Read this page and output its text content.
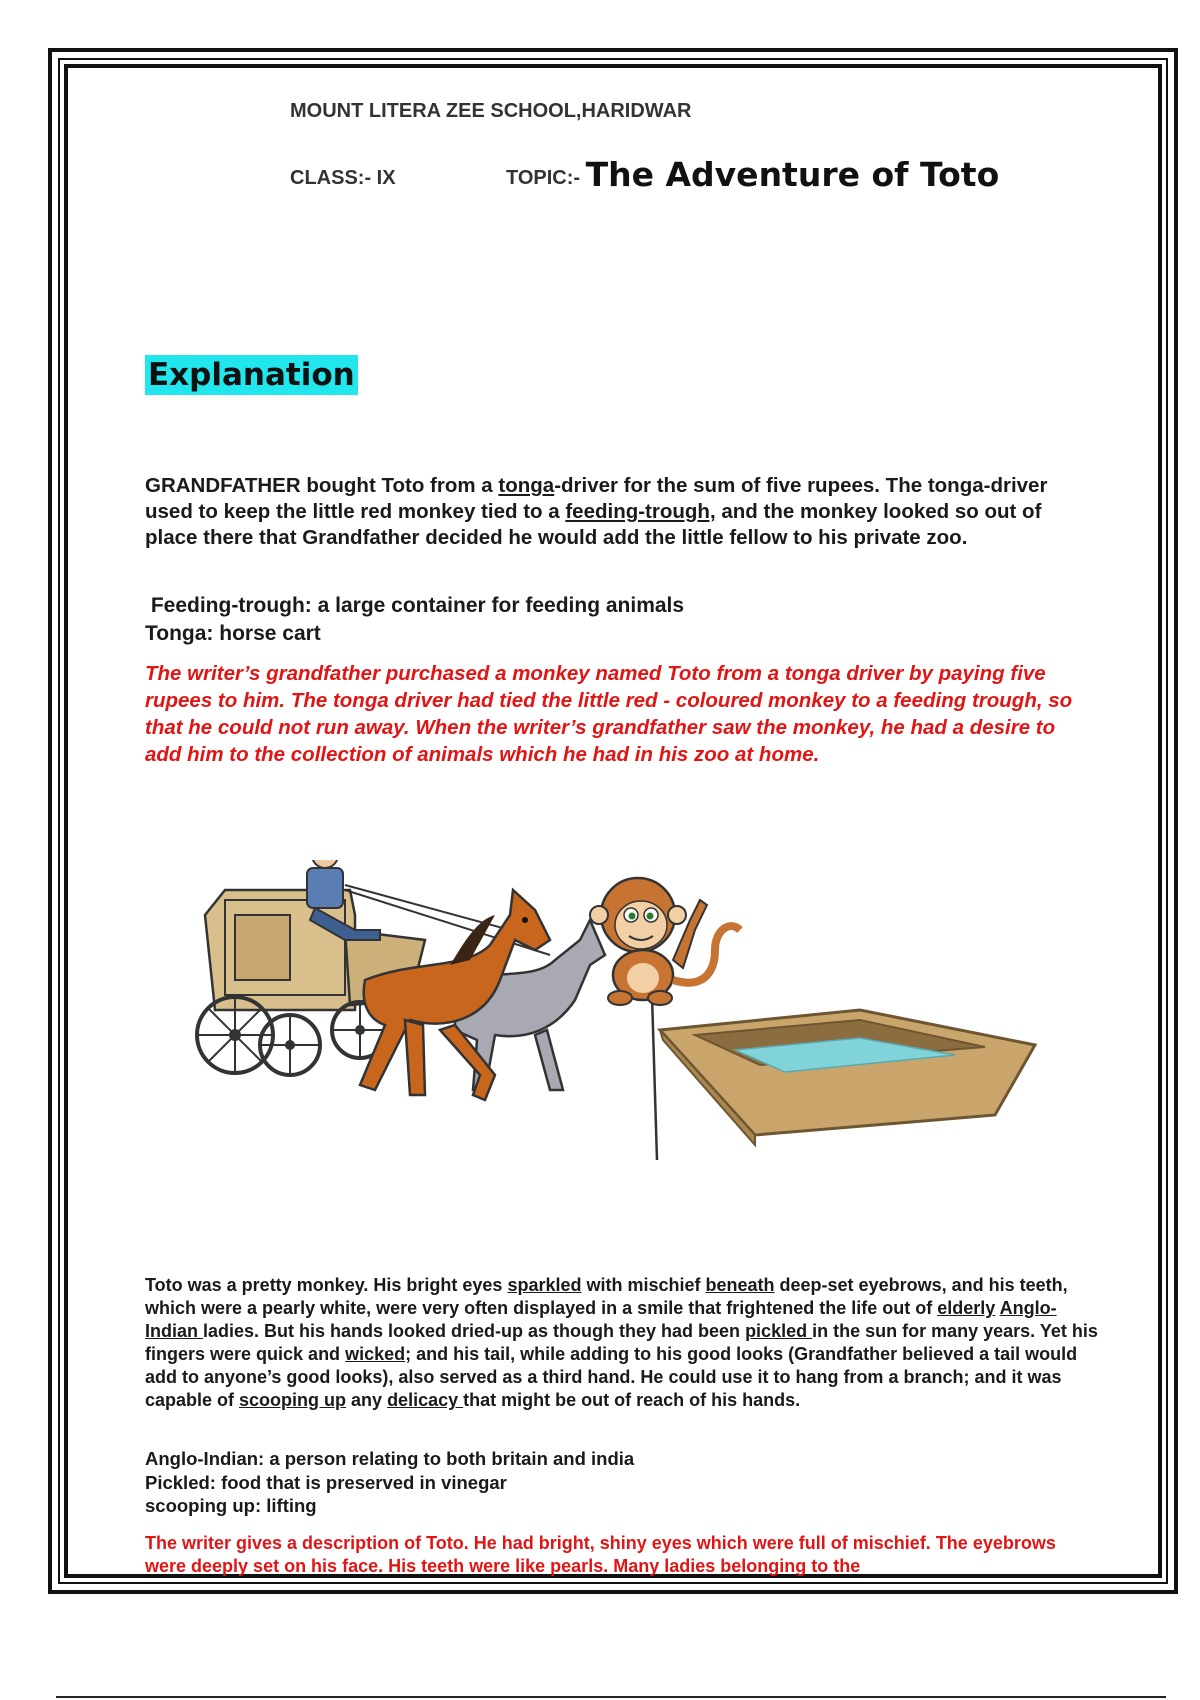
MOUNT LITERA ZEE SCHOOL,HARIDWAR
CLASS:- IX	TOPIC:- The Adventure of Toto
Explanation
GRANDFATHER bought Toto from a tonga-driver for the sum of five rupees. The tonga-driver used to keep the little red monkey tied to a feeding-trough, and the monkey looked so out of place there that Grandfather decided he would add the little fellow to his private zoo.
Feeding-trough: a large container for feeding animals
Tonga: horse cart
The writer’s grandfather purchased a monkey named Toto from a tonga driver by paying five rupees to him. The tonga driver had tied the little red - coloured monkey to a feeding trough, so that he could not run away. When the writer’s grandfather saw the monkey, he had a desire to add him to the collection of animals which he had in his zoo at home.
Toto was a pretty monkey. His bright eyes sparkled with mischief beneath deep-set eyebrows, and his teeth, which were a pearly white, were very often displayed in a smile that frightened the life out of elderly Anglo-Indian ladies. But his hands looked dried-up as though they had been pickled in the sun for many years. Yet his fingers were quick and wicked; and his tail, while adding to his good looks (Grandfather believed a tail would add to anyone’s good looks), also served as a third hand. He could use it to hang from a branch; and it was capable of scooping up any delicacy that might be out of reach of his hands.
Anglo-Indian: a person relating to both britain and india
Pickled: food that is preserved in vinegar
scooping up: lifting
The writer gives a description of Toto. He had bright, shiny eyes which were full of mischief. The eyebrows were deeply set on his face. His teeth were like pearls. Many ladies belonging to the
